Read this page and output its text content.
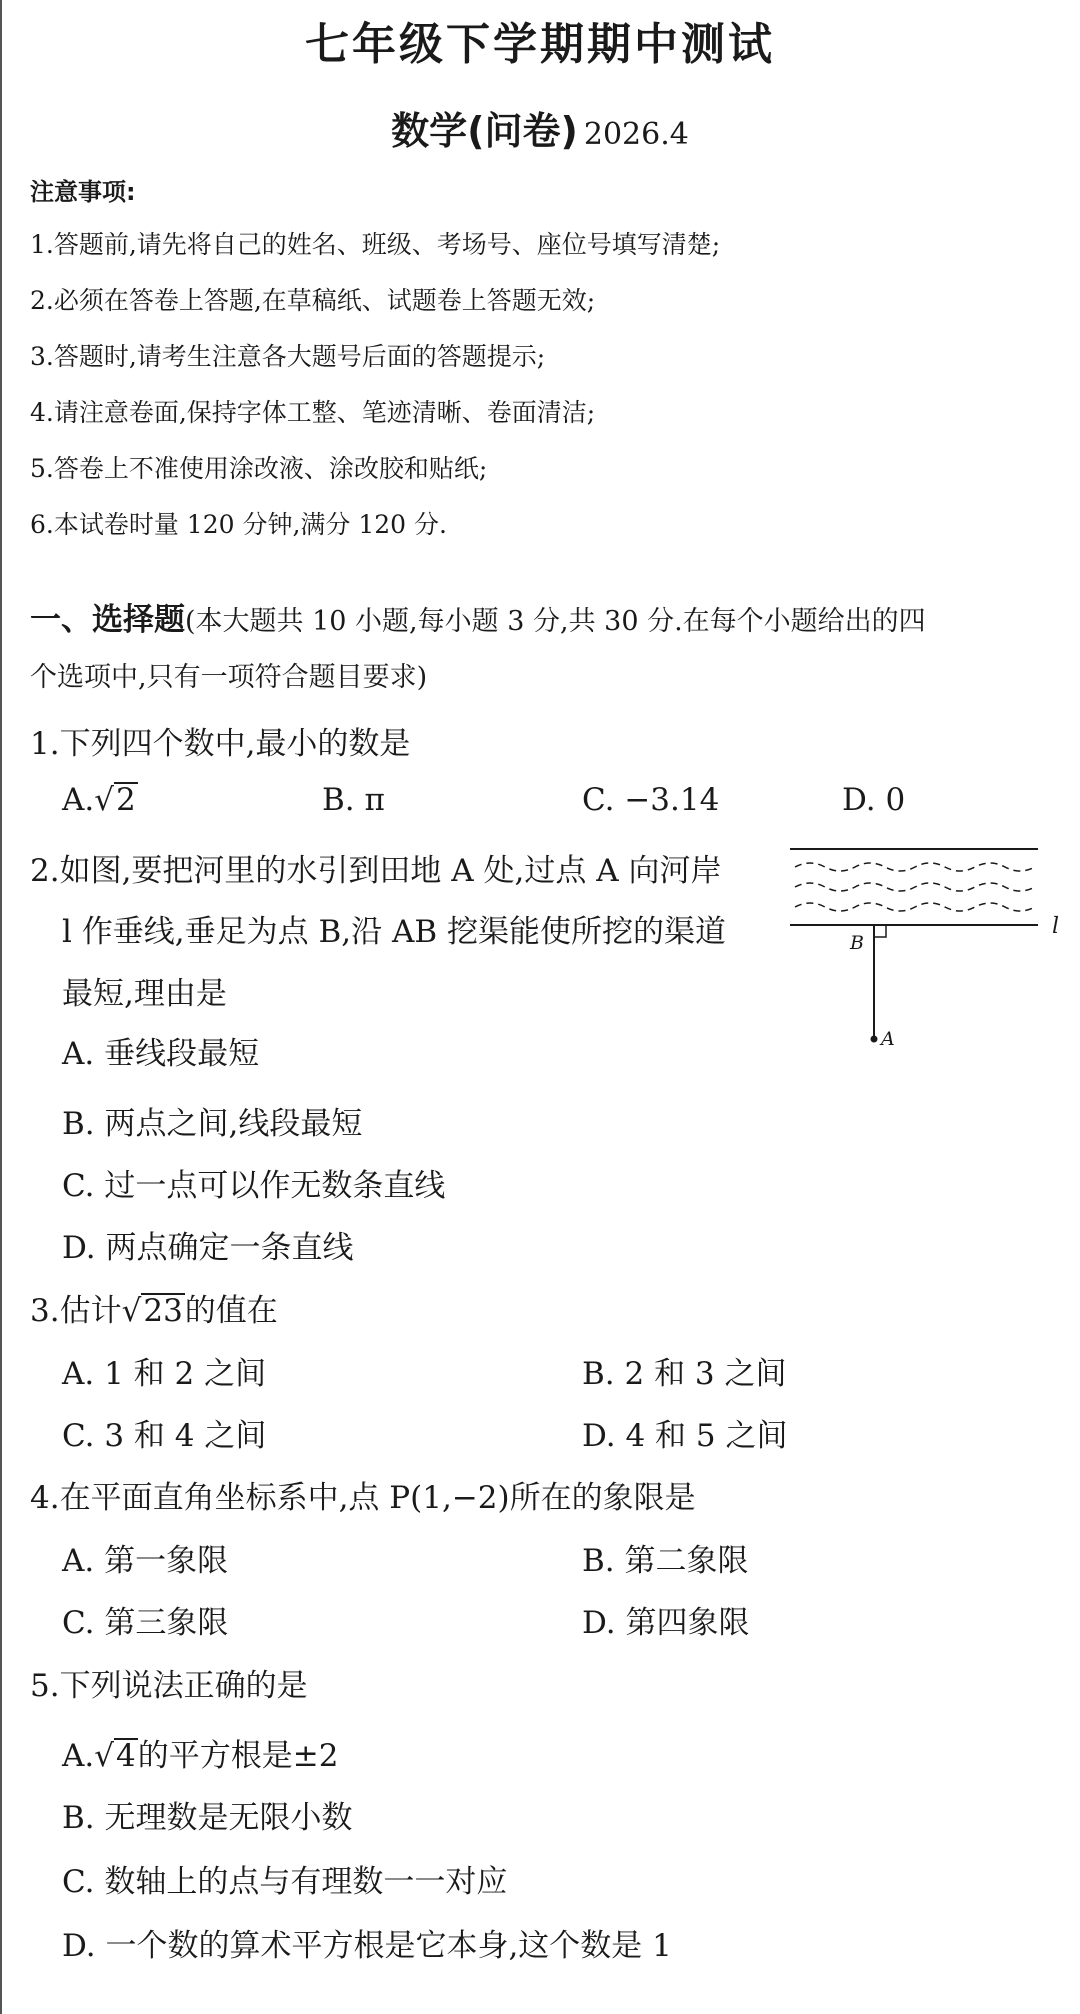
七年级下学期期中测试
数学(问卷) 2026.4
注意事项:
1.答题前,请先将自己的姓名、班级、考场号、座位号填写清楚;
2.必须在答卷上答题,在草稿纸、试题卷上答题无效;
3.答题时,请考生注意各大题号后面的答题提示;
4.请注意卷面,保持字体工整、笔迹清晰、卷面清洁;
5.答卷上不准使用涂改液、涂改胶和贴纸;
6.本试卷时量 120 分钟,满分 120 分.
一、选择题(本大题共 10 小题,每小题 3 分,共 30 分.在每个小题给出的四
个选项中,只有一项符合题目要求)
1.下列四个数中,最小的数是
A.√2	B. π	C. −3.14	D. 0
2.如图,要把河里的水引到田地 A 处,过点 A 向河岸
l 作垂线,垂足为点 B,沿 AB 挖渠能使所挖的渠道
最短,理由是
A. 垂线段最短
B. 两点之间,线段最短
C. 过一点可以作无数条直线
D. 两点确定一条直线
l
B
A
3.估计√23的值在
A. 1 和 2 之间	B. 2 和 3 之间
C. 3 和 4 之间	D. 4 和 5 之间
4.在平面直角坐标系中,点 P(1,−2)所在的象限是
A. 第一象限	B. 第二象限
C. 第三象限	D. 第四象限
5.下列说法正确的是
A.√4的平方根是±2
B. 无理数是无限小数
C. 数轴上的点与有理数一一对应
D. 一个数的算术平方根是它本身,这个数是 1
